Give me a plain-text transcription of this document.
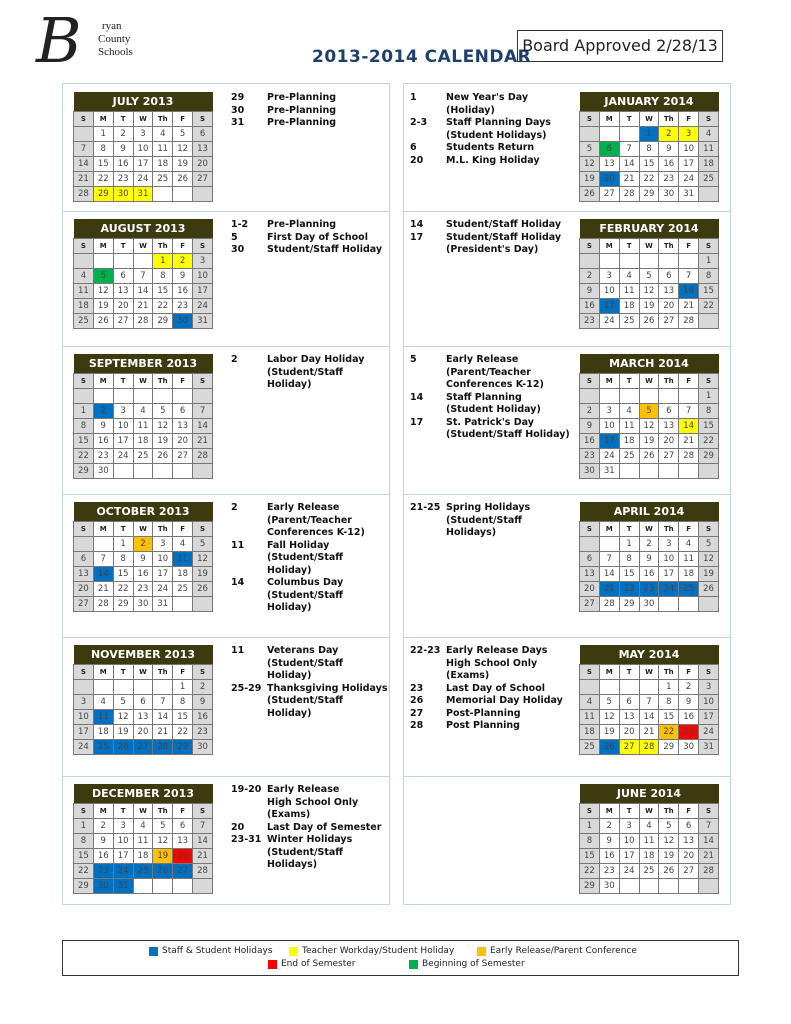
B ryan
County
Schools	2013-2014 CALENDAR
Board Approved 2/28/13
JULY 2013						
S	M	T	W	Th	F	S
	1	2	3	4	5	6
7	8	9	10	11	12	13
14	15	16	17	18	19	20
21	22	23	24	25	26	27
28	29	30	31			
29	Pre-Planning
30	Pre-Planning
31	Pre-Planning
AUGUST 2013						
S	M	T	W	Th	F	S
				1	2	3
4	5	6	7	8	9	10
11	12	13	14	15	16	17
18	19	20	21	22	23	24
25	26	27	28	29	30	31
1-2	Pre-Planning
5	First Day of School
30	Student/Staff Holiday
SEPTEMBER 2013						
S	M	T	W	Th	F	S

1	2	3	4	5	6	7
8	9	10	11	12	13	14
15	16	17	18	19	20	21
22	23	24	25	26	27	28
29	30					
2	Labor Day Holiday
(Student/Staff Holiday)
OCTOBER 2013						
S	M	T	W	Th	F	S
		1	2	3	4	5
6	7	8	9	10	11	12
13	14	15	16	17	18	19
20	21	22	23	24	25	26
27	28	29	30	31		
2	Early Release
(Parent/Teacher
Conferences K-12)
11	Fall Holiday
(Student/Staff
Holiday)
14	Columbus Day
(Student/Staff
Holiday)
NOVEMBER 2013						
S	M	T	W	Th	F	S
					1	2
3	4	5	6	7	8	9
10	11	12	13	14	15	16
17	18	19	20	21	22	23
24	25	26	27	28	29	30
11	Veterans Day
(Student/Staff
Holiday)
25-29 Thanksgiving Holidays
(Student/Staff
Holiday)
DECEMBER 2013						
S	M	T	W	Th	F	S
1	2	3	4	5	6	7
8	9	10	11	12	13	14
15	16	17	18	19	20	21
22	23	24	25	26	27	28
29	30	31				
19-20 Early Release
High School Only
(Exams)
20	Last Day of Semester
23-31 Winter Holidays
(Student/Staff Holidays)
JANUARY 2014						
S	M	T	W	Th	F	S
			1	2	3	4
5	6	7	8	9	10	11
12	13	14	15	16	17	18
19	20	21	22	23	24	25
26	27	28	29	30	31	
1	New Year's Day
(Holiday)
2-3	Staff Planning Days
(Student Holidays)
6	Students Return
20	M.L. King Holiday
FEBRUARY 2014						
S	M	T	W	Th	F	S
						1
2	3	4	5	6	7	8
9	10	11	12	13	14	15
16	17	18	19	20	21	22
23	24	25	26	27	28	
14	Student/Staff Holiday
17	Student/Staff Holiday
(President's Day)
MARCH 2014						
S	M	T	W	Th	F	S
						1
2	3	4	5	6	7	8
9	10	11	12	13	14	15
16	17	18	19	20	21	22
23	24	25	26	27	28	29
30	31					
5	Early Release
(Parent/Teacher
Conferences K-12)
14	Staff Planning
(Student Holiday)
17	St. Patrick's Day
(Student/Staff Holiday)
APRIL 2014						
S	M	T	W	Th	F	S
		1	2	3	4	5
6	7	8	9	10	11	12
13	14	15	16	17	18	19
20	21	22	23	24	25	26
27	28	29	30			
21-25 Spring Holidays
(Student/Staff
Holidays)
MAY 2014						
S	M	T	W	Th	F	S
				1	2	3
4	5	6	7	8	9	10
11	12	13	14	15	16	17
18	19	20	21	22	23	24
25	26	27	28	29	30	31
22-23 Early Release Days
High School Only
(Exams)
23	Last Day of School
26	Memorial Day Holiday
27	Post-Planning
28	Post Planning
JUNE 2014						
S	M	T	W	Th	F	S
1	2	3	4	5	6	7
8	9	10	11	12	13	14
15	16	17	18	19	20	21
22	23	24	25	26	27	28
29	30					
Staff & Student Holidays	Teacher Workday/Student Holiday	Early Release/Parent Conference
End of Semester	Beginning of Semester
